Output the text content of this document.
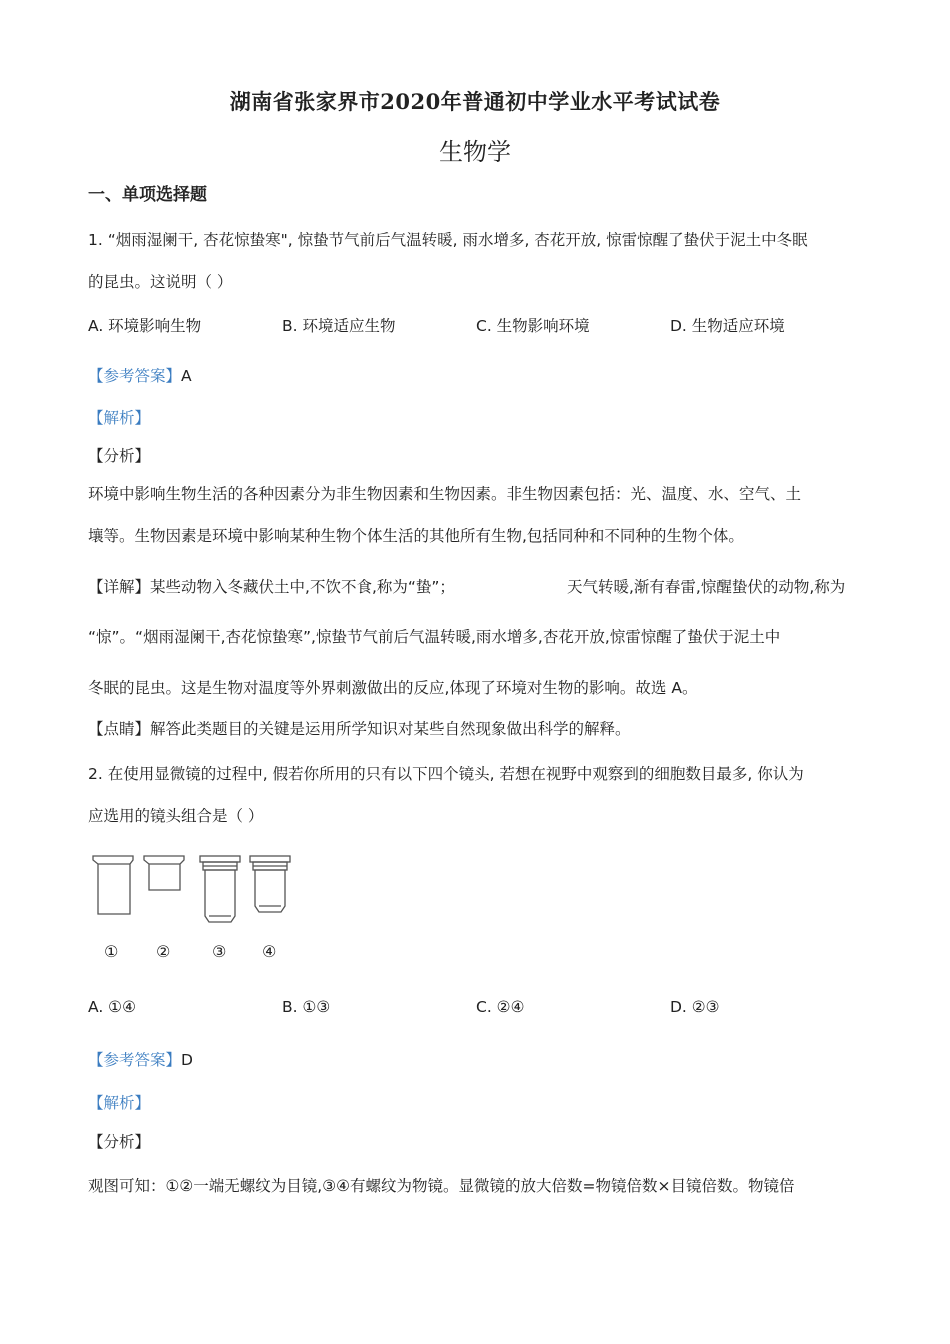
湖南省张家界市2020年普通初中学业水平考试试卷
生物学
一、单项选择题
1. “烟雨湿阑干, 杏花惊蛰寒", 惊蛰节气前后气温转暖, 雨水增多, 杏花开放, 惊雷惊醒了蛰伏于泥土中冬眠
的昆虫。这说明（ ）
A. 环境影响生物	B. 环境适应生物	C. 生物影响环境	D. 生物适应环境
【参考答案】A
【解析】
【分析】
环境中影响生物生活的各种因素分为非生物因素和生物因素。非生物因素包括：光、温度、水、空气、土
壤等。生物因素是环境中影响某种生物个体生活的其他所有生物,包括同种和不同种的生物个体。
【详解】某些动物入冬藏伏土中,不饮不食,称为“蛰”；	天气转暖,渐有春雷,惊醒蛰伏的动物,称为
“惊”。“烟雨湿阑干,杏花惊蛰寒”,惊蛰节气前后气温转暖,雨水增多,杏花开放,惊雷惊醒了蛰伏于泥土中
冬眠的昆虫。这是生物对温度等外界刺激做出的反应,体现了环境对生物的影响。故选 A。
【点睛】解答此类题目的关键是运用所学知识对某些自然现象做出科学的解释。
2. 在使用显微镜的过程中, 假若你所用的只有以下四个镜头, 若想在视野中观察到的细胞数目最多, 你认为
应选用的镜头组合是（ ）
① ②	③ ④
A. ①④	B. ①③	C. ②④	D. ②③
【参考答案】D
【解析】
【分析】
观图可知：①②一端无螺纹为目镜,③④有螺纹为物镜。显微镜的放大倍数=物镜倍数×目镜倍数。物镜倍
